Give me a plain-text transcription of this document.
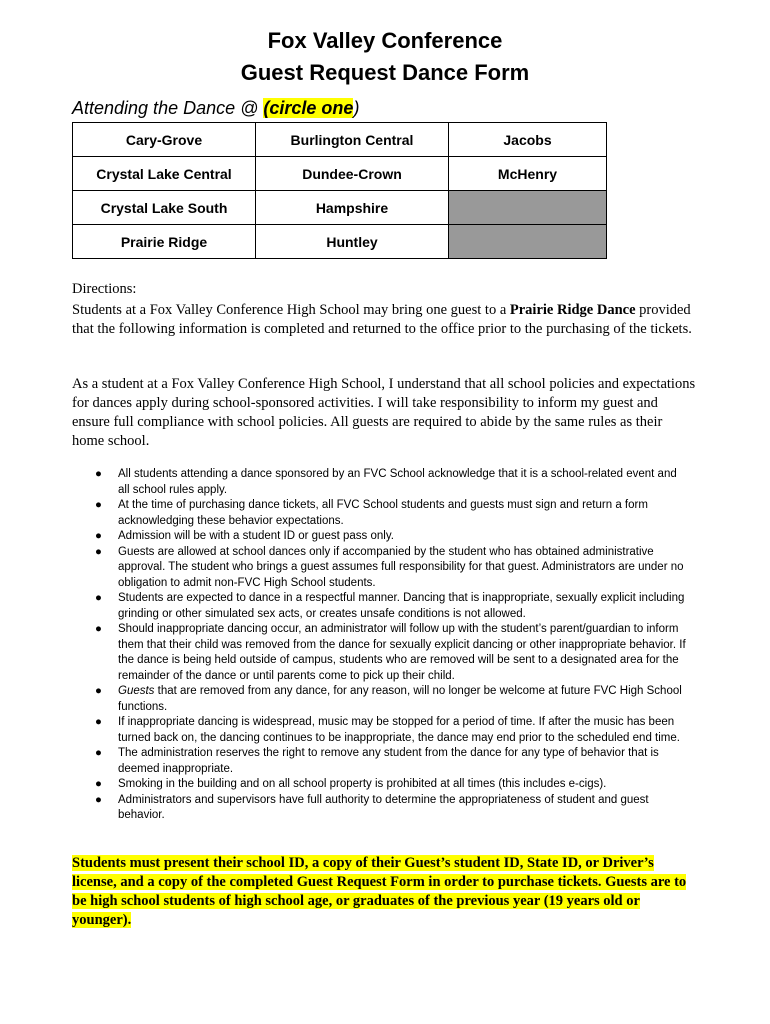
Fox Valley Conference
Guest Request Dance Form
Attending the Dance @ (circle one)
Cary-Grove	Burlington Central	Jacobs
Crystal Lake Central	Dundee-Crown	McHenry
Crystal Lake South	Hampshire	
Prairie Ridge	Huntley	
Directions:
Students at a Fox Valley Conference High School may bring one guest to a Prairie Ridge Dance provided that the following information is completed and returned to the office prior to the purchasing of the tickets.
As a student at a Fox Valley Conference High School, I understand that all school policies and expectations for dances apply during school-sponsored activities. I will take responsibility to inform my guest and ensure full compliance with school policies. All guests are required to abide by the same rules as their home school.
● All students attending a dance sponsored by an FVC School acknowledge that it is a school-related event and all school rules apply.
● At the time of purchasing dance tickets, all FVC School students and guests must sign and return a form acknowledging these behavior expectations.
● Admission will be with a student ID or guest pass only.
● Guests are allowed at school dances only if accompanied by the student who has obtained administrative approval. The student who brings a guest assumes full responsibility for that guest. Administrators are under no obligation to admit non-FVC High School students.
● Students are expected to dance in a respectful manner. Dancing that is inappropriate, sexually explicit including grinding or other simulated sex acts, or creates unsafe conditions is not allowed.
● Should inappropriate dancing occur, an administrator will follow up with the student’s parent/guardian to inform them that their child was removed from the dance for sexually explicit dancing or other inappropriate behavior. If the dance is being held outside of campus, students who are removed will be sent to a designated area for the remainder of the dance or until parents come to pick up their child.
● Guests that are removed from any dance, for any reason, will no longer be welcome at future FVC High School functions.
● If inappropriate dancing is widespread, music may be stopped for a period of time. If after the music has been turned back on, the dancing continues to be inappropriate, the dance may end prior to the scheduled end time.
● The administration reserves the right to remove any student from the dance for any type of behavior that is deemed inappropriate.
● Smoking in the building and on all school property is prohibited at all times (this includes e-cigs).
● Administrators and supervisors have full authority to determine the appropriateness of student and guest behavior.
Students must present their school ID, a copy of their Guest’s student ID, State ID, or Driver’s license, and a copy of the completed Guest Request Form in order to purchase tickets. Guests are to be high school students of high school age, or graduates of the previous year (19 years old or younger).
